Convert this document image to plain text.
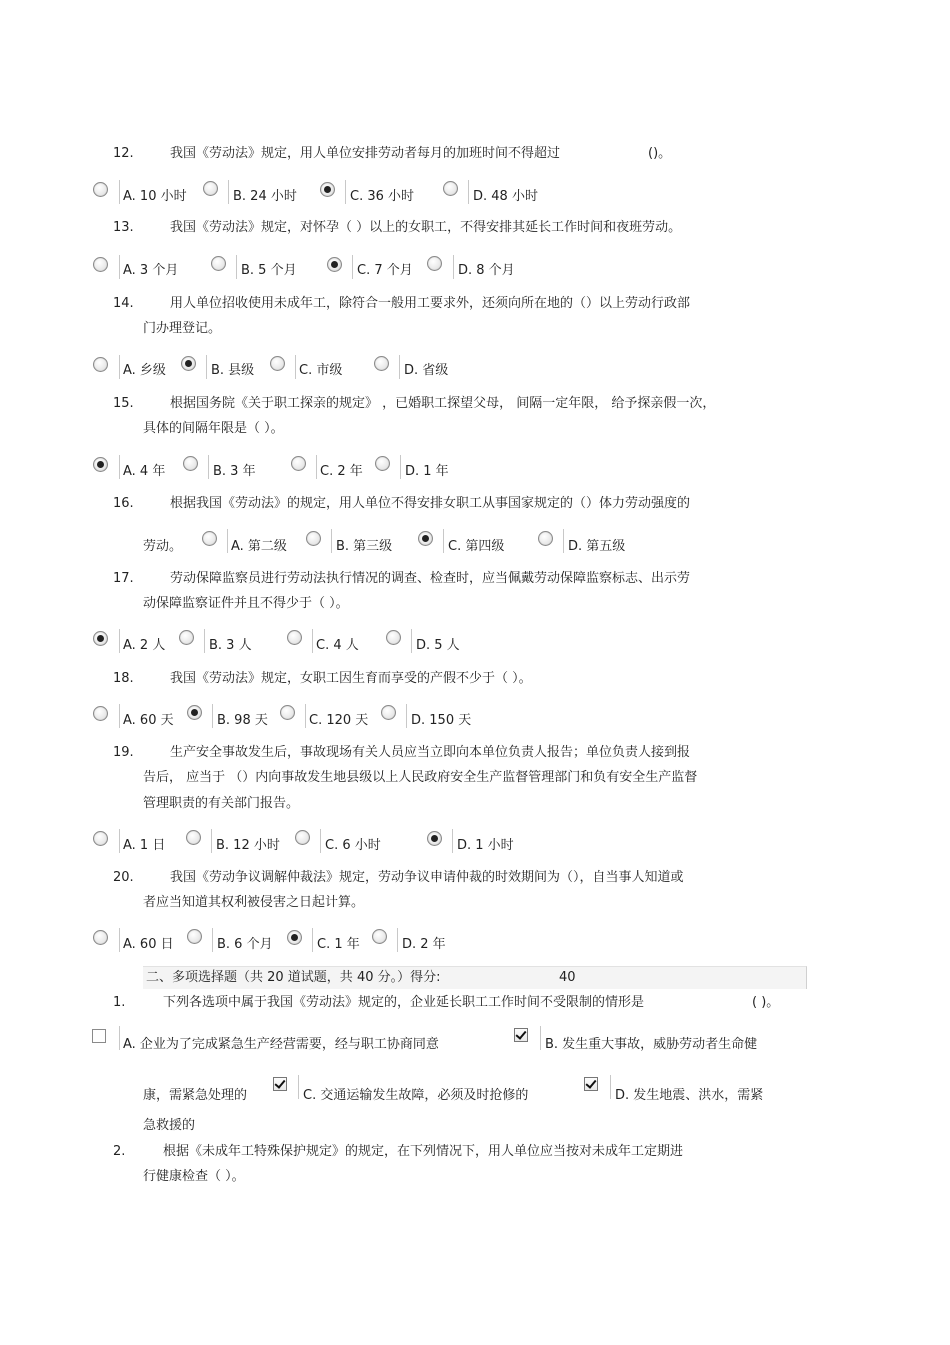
12.	我国《劳动法》规定，用人单位安排劳动者每月的加班时间不得超过	()。
A. 10 小时	B. 24 小时	C. 36 小时	D. 48 小时
13.	我国《劳动法》规定，对怀孕（ ）以上的女职工，不得安排其延长工作时间和夜班劳动。
A. 3 个月	B. 5 个月	C. 7 个月	D. 8 个月
14.	用人单位招收使用未成年工，除符合一般用工要求外，还须向所在地的（）以上劳动行政部
门办理登记。
A. 乡级	B. 县级	C. 市级	D. 省级
15.	根据国务院《关于职工探亲的规定》 ，已婚职工探望父母， 间隔一定年限， 给予探亲假一次，
具体的间隔年限是（ ）。
A. 4 年	B. 3 年	C. 2 年	D. 1 年
16.	根据我国《劳动法》的规定，用人单位不得安排女职工从事国家规定的（）体力劳动强度的
劳动。	A. 第二级	B. 第三级	C. 第四级	D. 第五级
17.	劳动保障监察员进行劳动法执行情况的调查、检查时，应当佩戴劳动保障监察标志、出示劳
动保障监察证件并且不得少于（ ）。
A. 2 人	B. 3 人	C. 4 人	D. 5 人
18.	我国《劳动法》规定，女职工因生育而享受的产假不少于（ ）。
A. 60 天	B. 98 天	C. 120 天	D. 150 天
19.	生产安全事故发生后，事故现场有关人员应当立即向本单位负责人报告；单位负责人接到报
告后， 应当于 （）内向事故发生地县级以上人民政府安全生产监督管理部门和负有安全生产监督
管理职责的有关部门报告。
A. 1 日	B. 12 小时	C. 6 小时	D. 1 小时
20.	我国《劳动争议调解仲裁法》规定，劳动争议申请仲裁的时效期间为（），自当事人知道或
者应当知道其权利被侵害之日起计算。
A. 60 日	B. 6 个月	C. 1 年	D. 2 年
二、多项选择题（共 20 道试题，共 40 分。）得分:	40
1.	下列各选项中属于我国《劳动法》规定的，企业延长职工工作时间不受限制的情形是	( )。
A. 企业为了完成紧急生产经营需要，经与职工协商同意	B. 发生重大事故，威胁劳动者生命健
康，需紧急处理的	C. 交通运输发生故障，必须及时抢修的	D. 发生地震、洪水，需紧
急救援的
2.	根据《未成年工特殊保护规定》的规定，在下列情况下，用人单位应当按对未成年工定期进
行健康检查（ ）。
